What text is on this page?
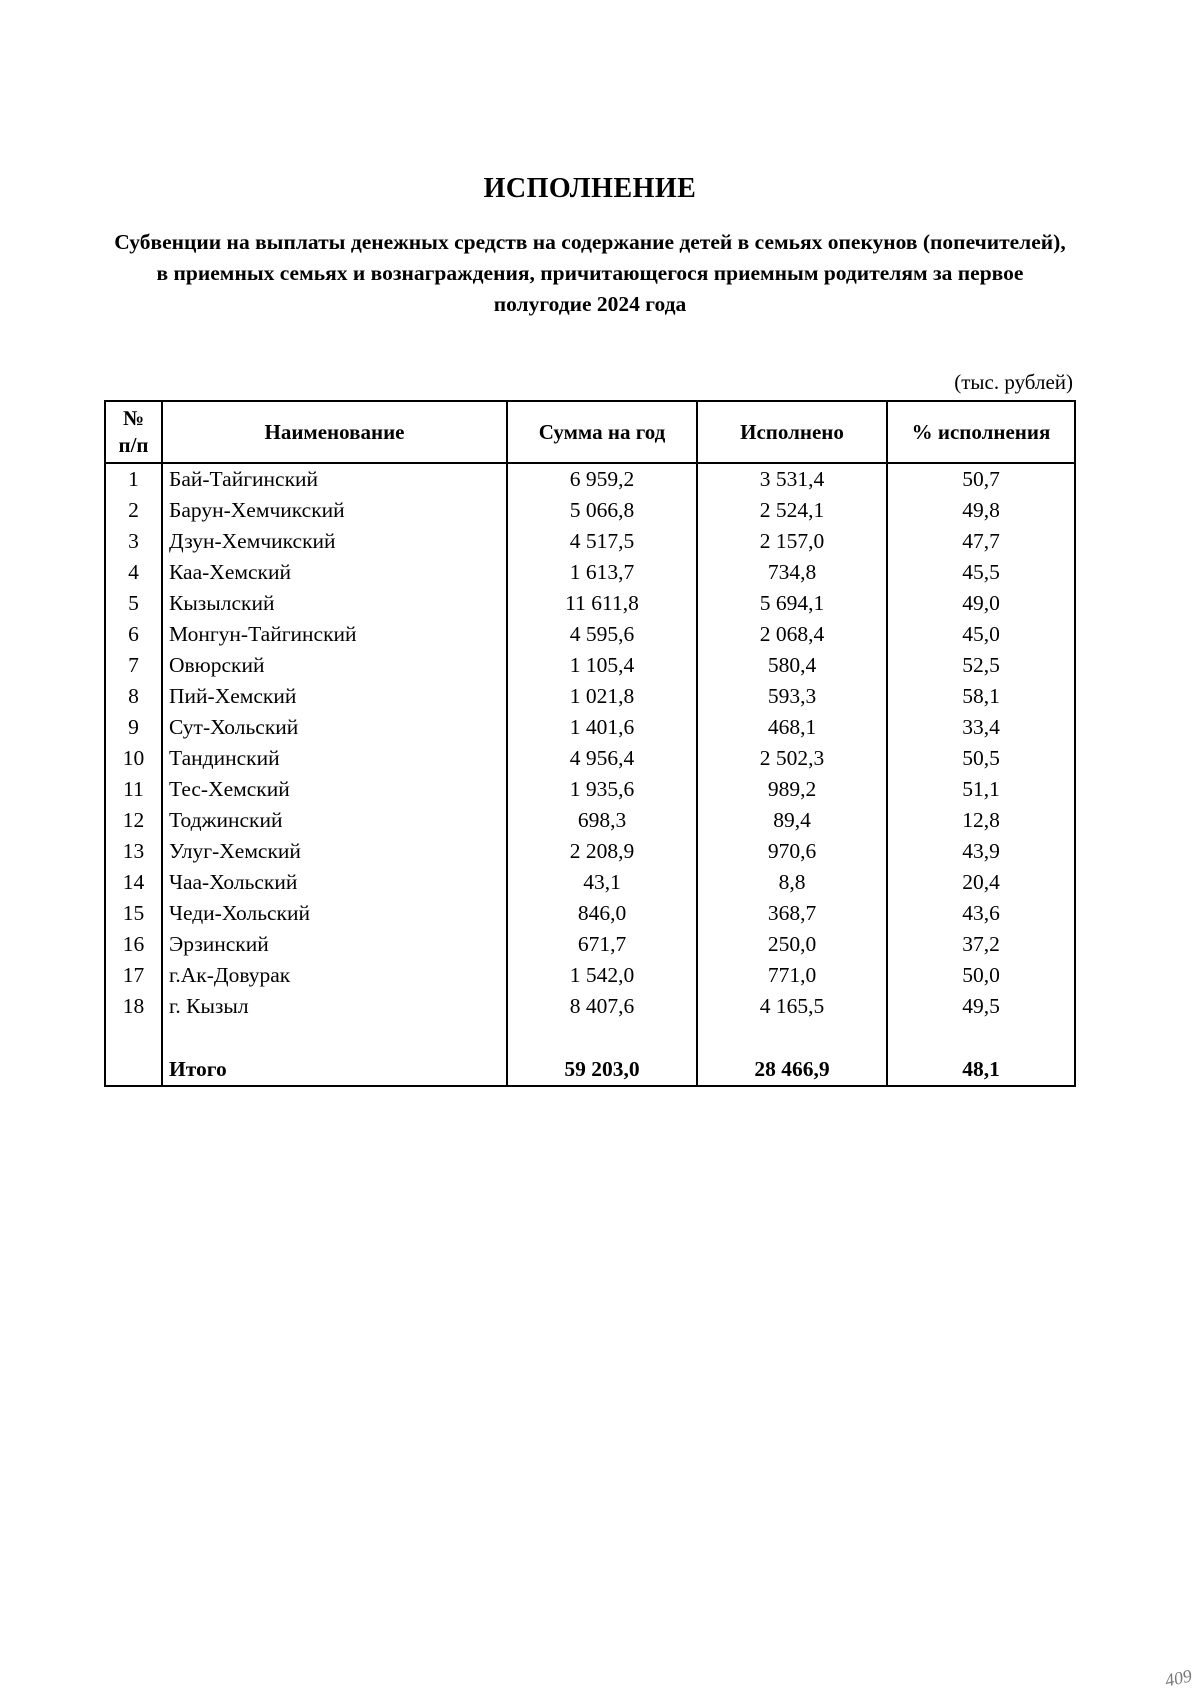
ИСПОЛНЕНИЕ
Субвенции на выплаты денежных средств на содержание детей в семьях опекунов (попечителей), в приемных семьях и вознаграждения, причитающегося приемным родителям за первое полугодие 2024 года
(тыс. рублей)
№
п/п	Наименование	Сумма на год	Исполнено	% исполнения
1	Бай-Тайгинский	6 959,2	3 531,4	50,7
2	Барун-Хемчикский	5 066,8	2 524,1	49,8
3	Дзун-Хемчикский	4 517,5	2 157,0	47,7
4	Каа-Хемский	1 613,7	734,8	45,5
5	Кызылский	11 611,8	5 694,1	49,0
6	Монгун-Тайгинский	4 595,6	2 068,4	45,0
7	Овюрский	1 105,4	580,4	52,5
8	Пий-Хемский	1 021,8	593,3	58,1
9	Сут-Хольский	1 401,6	468,1	33,4
10	Тандинский	4 956,4	2 502,3	50,5
11	Тес-Хемский	1 935,6	989,2	51,1
12	Тоджинский	698,3	89,4	12,8
13	Улуг-Хемский	2 208,9	970,6	43,9
14	Чаа-Хольский	43,1	8,8	20,4
15	Чеди-Хольский	846,0	368,7	43,6
16	Эрзинский	671,7	250,0	37,2
17	г.Ак-Довурак	1 542,0	771,0	50,0
18	г. Кызыл	8 407,6	4 165,5	49,5

	Итого	59 203,0	28 466,9	48,1
409
